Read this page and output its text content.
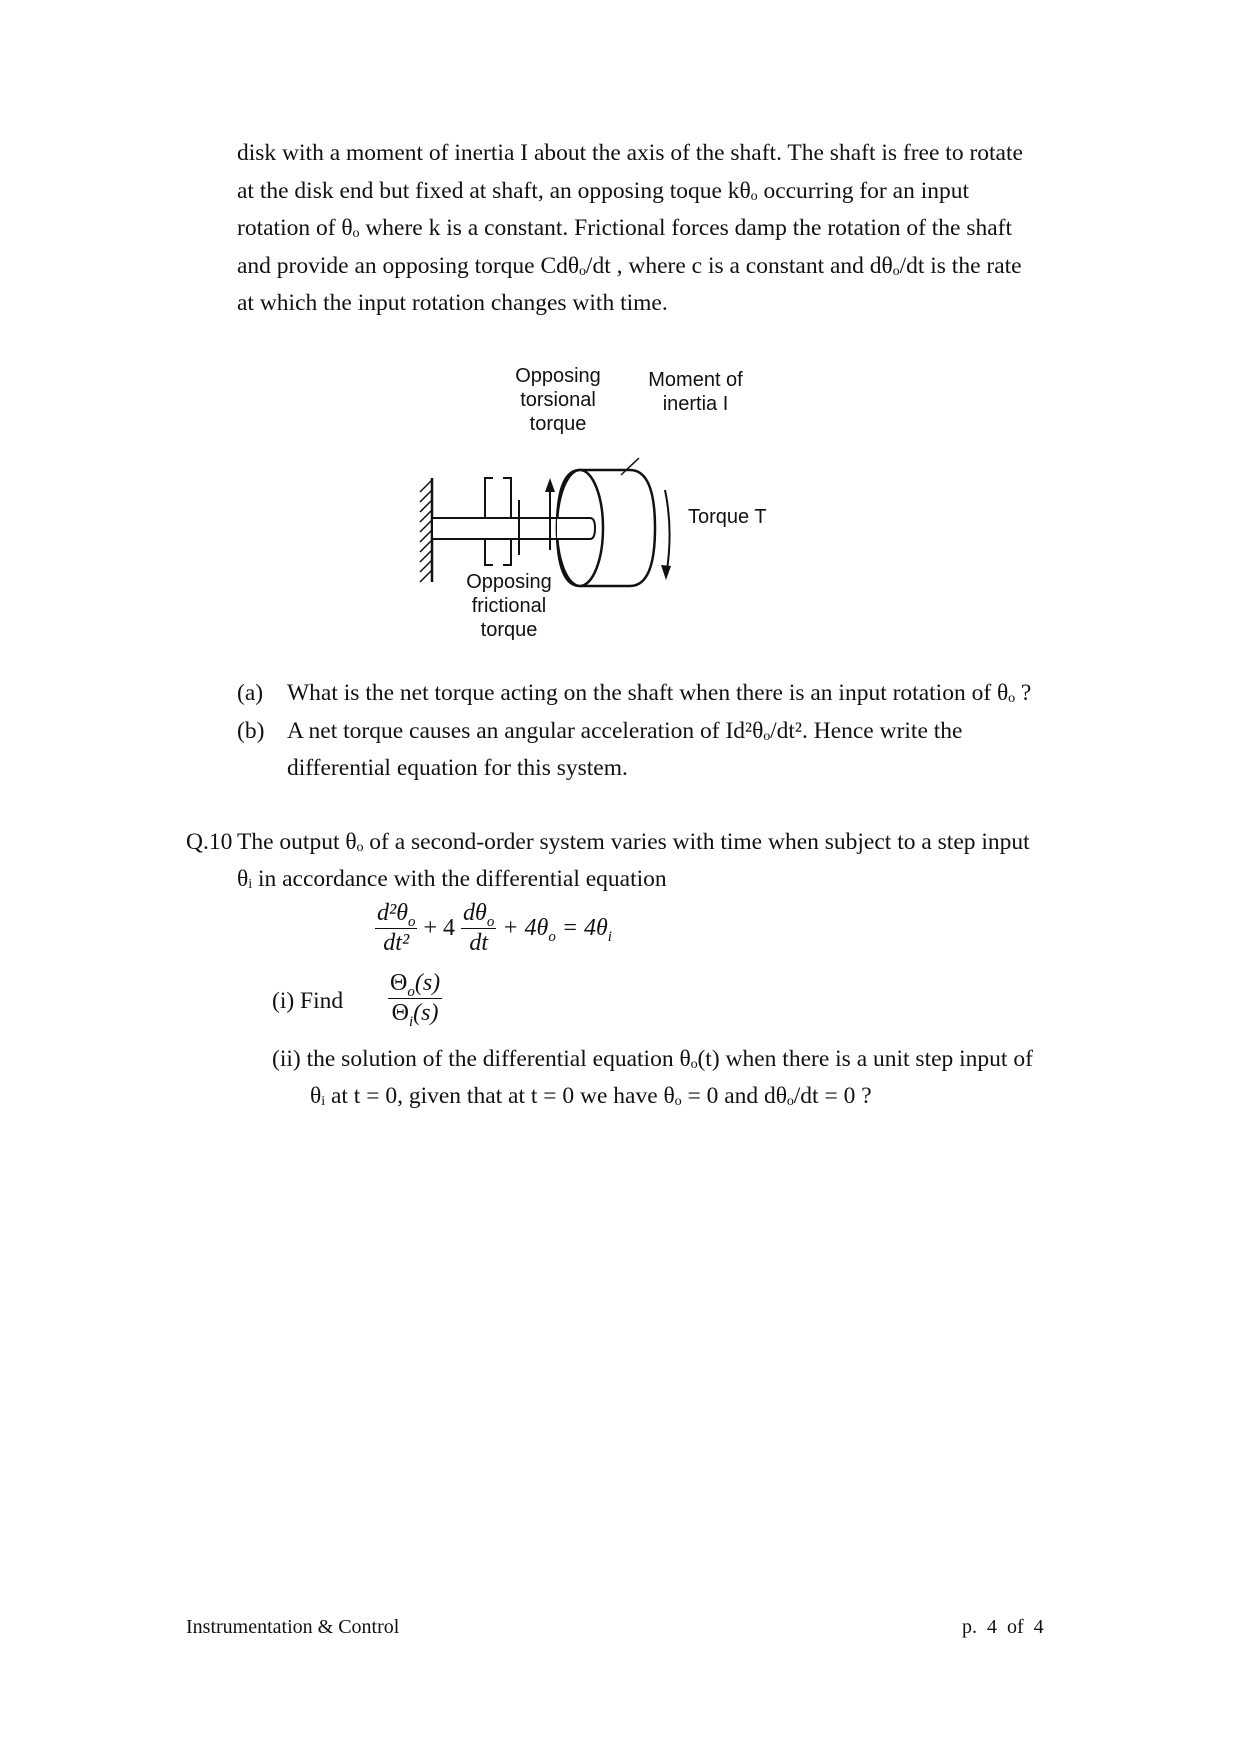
disk with a moment of inertia I about the axis of the shaft. The shaft is free to rotate
at the disk end but fixed at shaft, an opposing toque kθₒ occurring for an input
rotation of θₒ where k is a constant. Frictional forces damp the rotation of the shaft
and provide an opposing torque Cdθₒ/dt , where c is a constant and dθₒ/dt is the rate
at which the input rotation changes with time.
Opposing
torsional
torque
Moment of
inertia I
Torque T
Opposing
frictional
torque
(a) What is the net torque acting on the shaft when there is an input rotation of θₒ ?
(b) A net torque causes an angular acceleration of Id²θₒ/dt². Hence write the
differential equation for this system.
Q.10 The output θₒ of a second-order system varies with time when subject to a step input
θᵢ in accordance with the differential equation
$\frac{d^2\theta_o}{\text{dt²}} + 4 \frac{d\theta_o}{dt} + 4\theta_o = 4\theta_i$
(i) Find $\frac{\Theta_o(s)}{\Theta_i(s)}$
(ii) the solution of the differential equation θₒ(t) when there is a unit step input of
θᵢ at t = 0, given that at t = 0 we have θₒ = 0 and dθₒ/dt = 0 ?
Instrumentation & Control	p.  4  of  4
